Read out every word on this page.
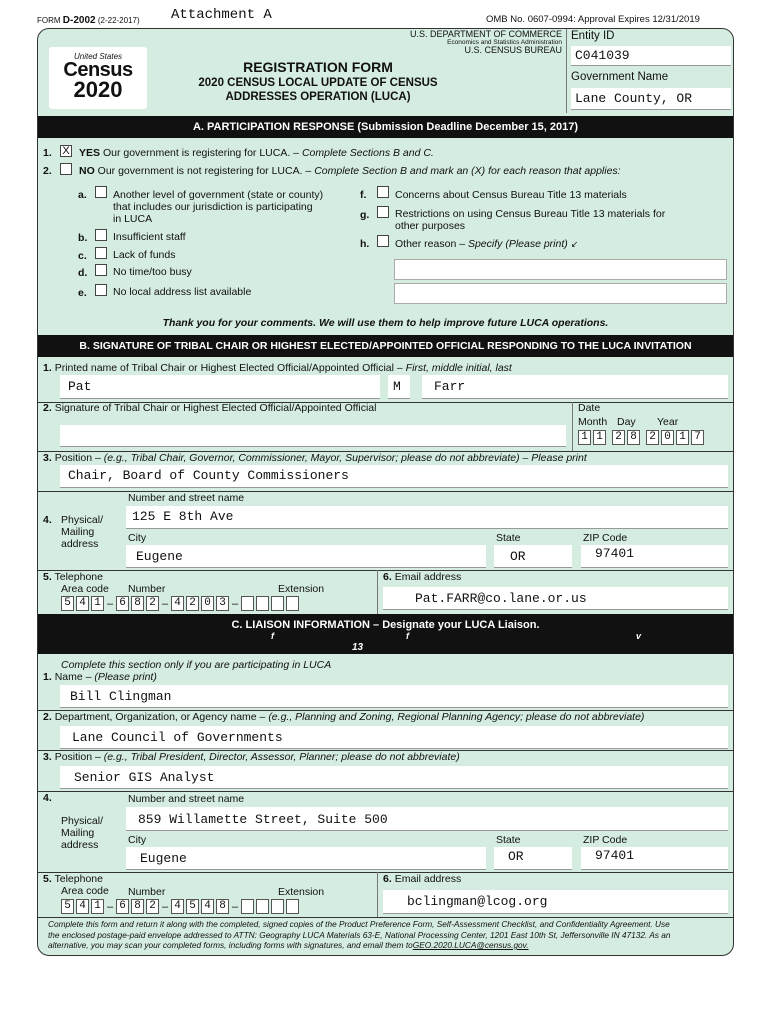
FORM D-2002 (2-22-2017) Attachment A	OMB No. 0607-0994: Approval Expires 12/31/2019
United States
Census
2020
REGISTRATION FORM
2020 CENSUS LOCAL UPDATE OF CENSUS
ADDRESSES OPERATION (LUCA)
U.S. DEPARTMENT OF COMMERCE
Economics and Statistics Administration
U.S. CENSUS BUREAU
Entity ID
C041039
Government Name
Lane County, OR
A. PARTICIPATION RESPONSE (Submission Deadline December 15, 2017)
1. X YES Our government is registering for LUCA. – Complete Sections B and C.
2.	NO Our government is not registering for LUCA. – Complete Section B and mark an (X) for each reason that applies:
a. Another level of government (state or county)
that includes our jurisdiction is participating
in LUCA
b. Insufficient staff
c. Lack of funds
d. No time/too busy
e. No local address list available
f.	Concerns about Census Bureau Title 13 materials
g. Restrictions on using Census Bureau Title 13 materials for
other purposes
h. Other reason – Specify (Please print) ↙
Thank you for your comments. We will use them to help improve future LUCA operations.
B. SIGNATURE OF TRIBAL CHAIR OR HIGHEST ELECTED/APPOINTED OFFICIAL RESPONDING TO THE LUCA INVITATION
1. Printed name of Tribal Chair or Highest Elected Official/Appointed Official – First, middle initial, last
Pat	M	Farr
2. Signature of Tribal Chair or Highest Elected Official/Appointed Official	Date
Month Day Year
1 1 2 8 2 0 1 7
3. Position – (e.g., Tribal Chair, Governor, Commissioner, Mayor, Supervisor; please do not abbreviate) – Please print
Chair, Board of County Commissioners
Number and street name
4. Physical/
Mailing
address
125 E 8th Ave
City
Eugene
State
OR
ZIP Code
97401
5. Telephone
Area code Number	Extension
5 4 1 – 6 8 2 – 4 2 0 3 –
6. Email address
Pat.FARR@co.lane.or.us
C. LIAISON INFORMATION – Designate your LUCA Liaison.
f	f	v
13
Complete this section only if you are participating in LUCA
1. Name – (Please print)
Bill Clingman
2. Department, Organization, or Agency name – (e.g., Planning and Zoning, Regional Planning Agency; please do not abbreviate)
Lane Council of Governments
3. Position – (e.g., Tribal President, Director, Assessor, Planner; please do not abbreviate)
Senior GIS Analyst
4.	Number and street name
Physical/
Mailing
address
859 Willamette Street, Suite 500
City
Eugene
State
OR
ZIP Code
97401
5. Telephone
Area code Number	Extension
5 4 1 – 6 8 2 – 4 5 4 8 –
6. Email address
bclingman@lcog.org
Complete this form and return it along with the completed, signed copies of the Product Preference Form, Self-Assessment Checklist, and Confidentiality Agreement. Use
the enclosed postage-paid envelope addressed to ATTN: Geography LUCA Materials 63-E, National Processing Center, 1201 East 10th St, Jeffersonville IN 47132. As an
alternative, you may scan your completed forms, including forms with signatures, and email them toGEO.2020.LUCA@census.gov.
